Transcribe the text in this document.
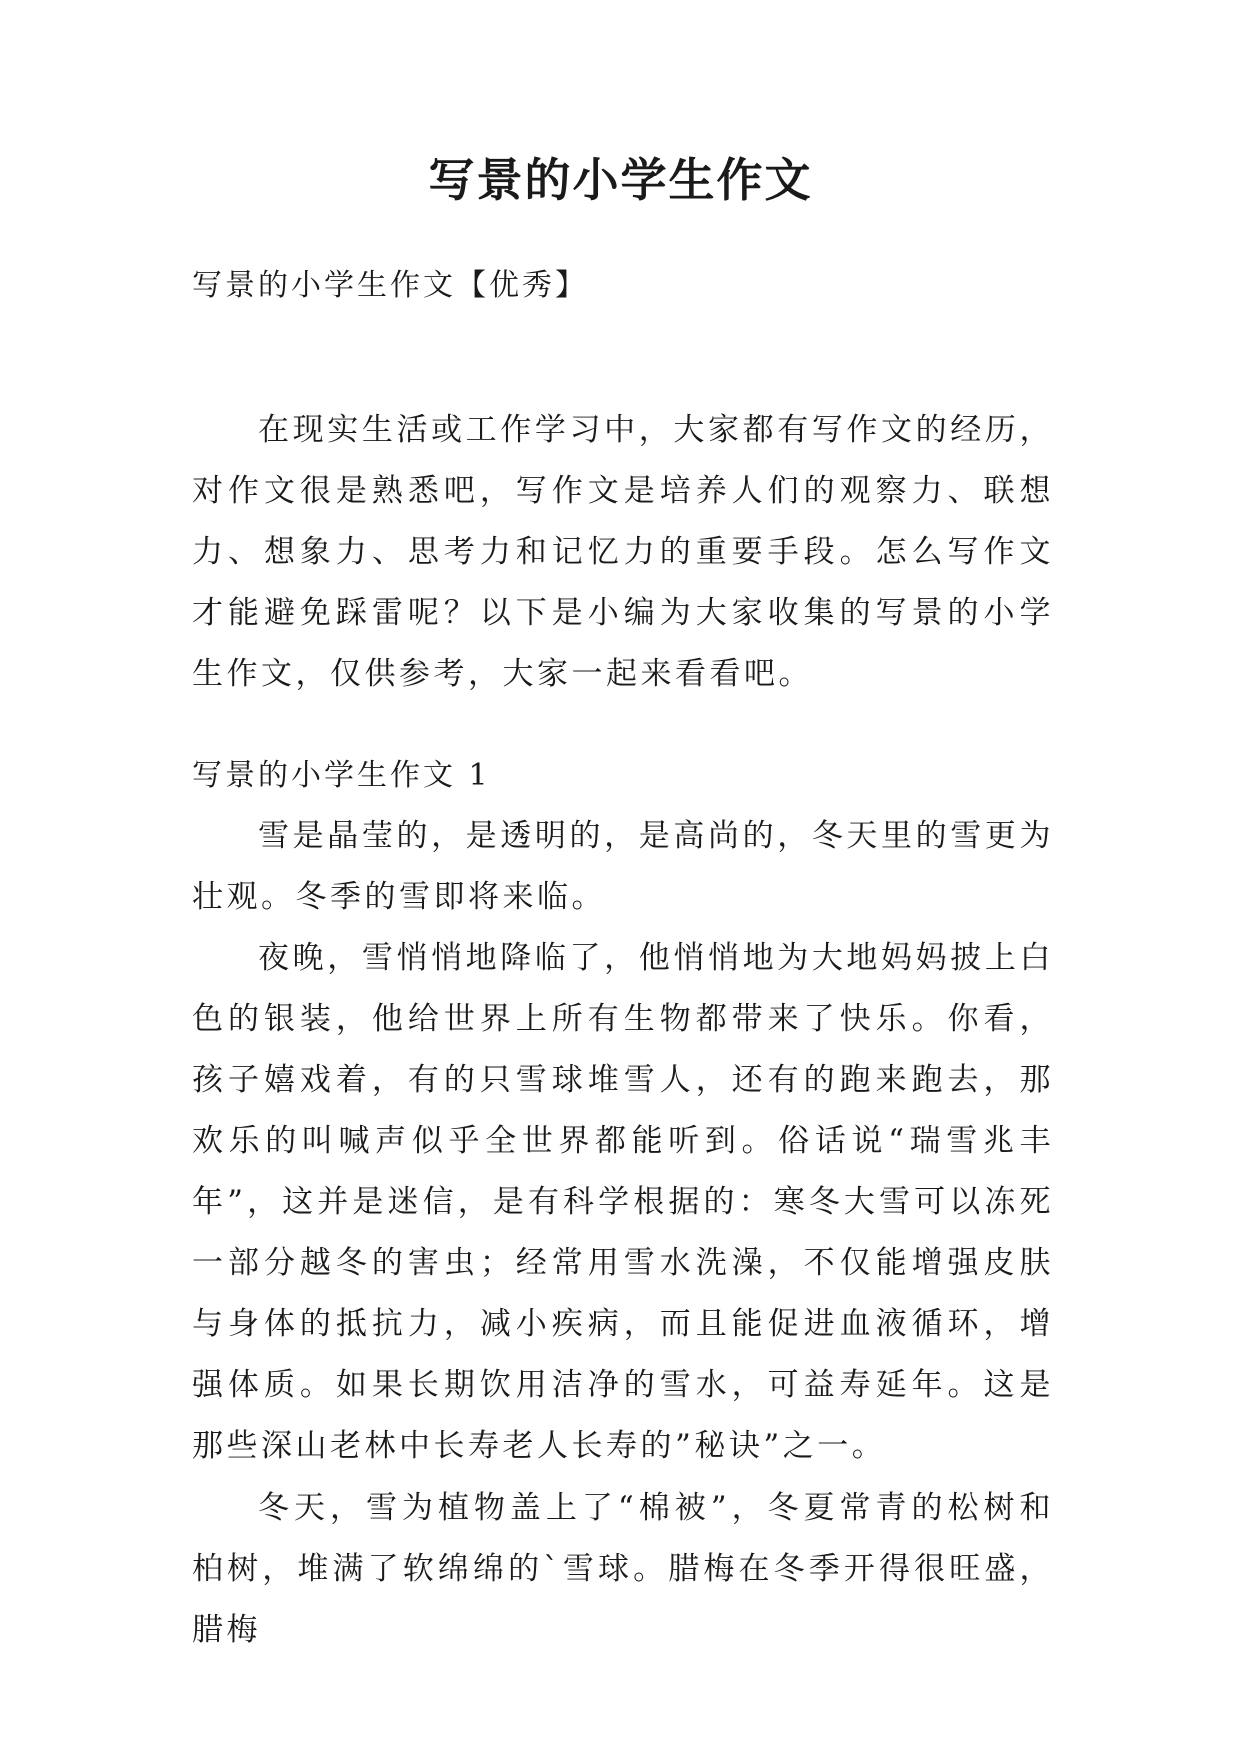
写景的小学生作文
写景的小学生作文【优秀】

在现实生活或工作学习中，大家都有写作文的经历，对作文很是熟悉吧，写作文是培养人们的观察力、联想力、想象力、思考力和记忆力的重要手段。怎么写作文才能避免踩雷呢？以下是小编为大家收集的写景的小学生作文，仅供参考，大家一起来看看吧。

写景的小学生作文 1

雪是晶莹的，是透明的，是高尚的，冬天里的雪更为壮观。冬季的雪即将来临。

夜晚，雪悄悄地降临了，他悄悄地为大地妈妈披上白色的银装，他给世界上所有生物都带来了快乐。你看，孩子嬉戏着，有的只雪球堆雪人，还有的跑来跑去，那欢乐的叫喊声似乎全世界都能听到。俗话说“瑞雪兆丰年”，这并是迷信，是有科学根据的：寒冬大雪可以冻死一部分越冬的害虫；经常用雪水洗澡，不仅能增强皮肤与身体的抵抗力，减小疾病，而且能促进血液循环，增强体质。如果长期饮用洁净的雪水，可益寿延年。这是那些深山老林中长寿老人长寿的”秘诀”之一。

冬天，雪为植物盖上了“棉被”，冬夏常青的松树和柏树，堆满了软绵绵的`雪球。腊梅在冬季开得很旺盛，腊梅
